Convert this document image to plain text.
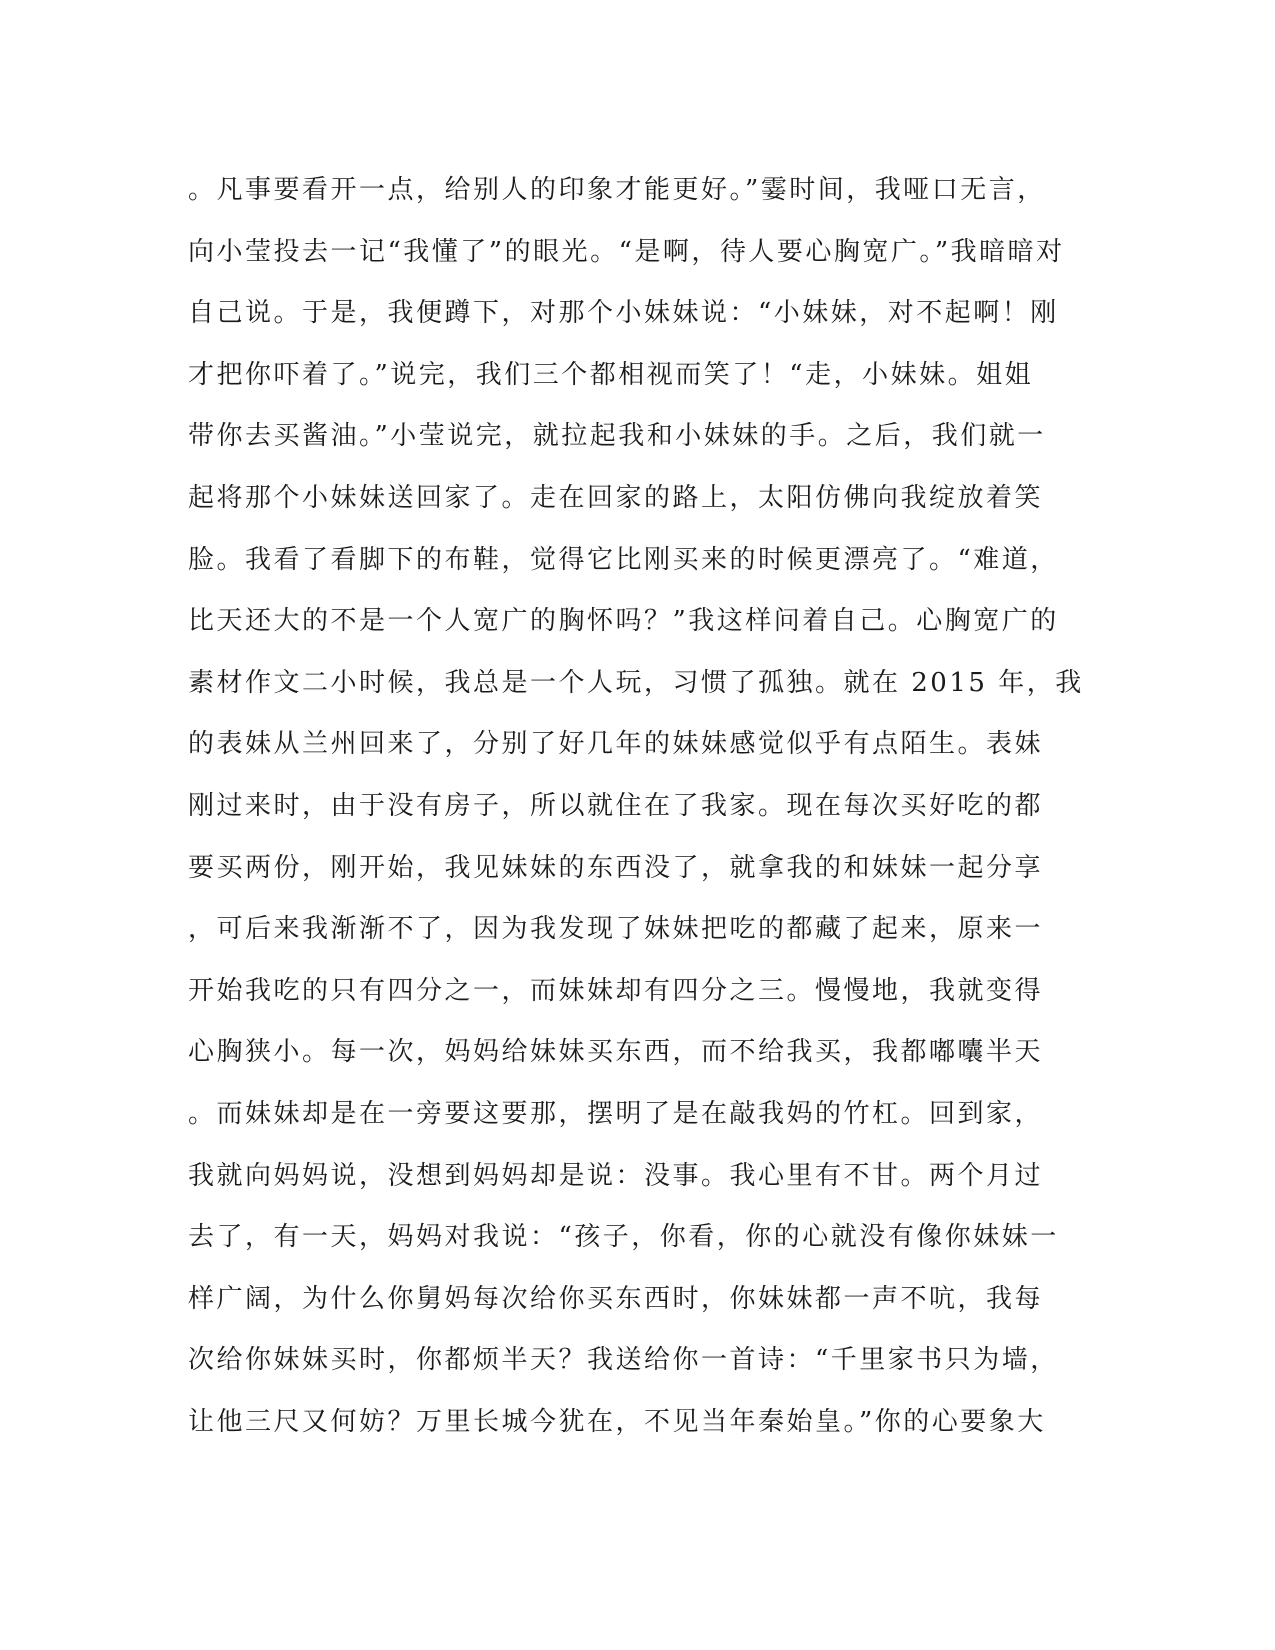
。凡事要看开一点，给别人的印象才能更好。”霎时间，我哑口无言，
向小莹投去一记“我懂了”的眼光。“是啊，待人要心胸宽广。”我暗暗对
自己说。于是，我便蹲下，对那个小妹妹说：“小妹妹，对不起啊！刚
才把你吓着了。”说完，我们三个都相视而笑了！“走，小妹妹。姐姐
带你去买酱油。”小莹说完，就拉起我和小妹妹的手。之后，我们就一
起将那个小妹妹送回家了。走在回家的路上，太阳仿佛向我绽放着笑
脸。我看了看脚下的布鞋，觉得它比刚买来的时候更漂亮了。“难道，
比天还大的不是一个人宽广的胸怀吗？”我这样问着自己。心胸宽广的
素材作文二小时候，我总是一个人玩，习惯了孤独。就在 2015 年，我
的表妹从兰州回来了，分别了好几年的妹妹感觉似乎有点陌生。表妹
刚过来时，由于没有房子，所以就住在了我家。现在每次买好吃的都
要买两份，刚开始，我见妹妹的东西没了，就拿我的和妹妹一起分享
，可后来我渐渐不了，因为我发现了妹妹把吃的都藏了起来，原来一
开始我吃的只有四分之一，而妹妹却有四分之三。慢慢地，我就变得
心胸狭小。每一次，妈妈给妹妹买东西，而不给我买，我都嘟囔半天
。而妹妹却是在一旁要这要那，摆明了是在敲我妈的竹杠。回到家，
我就向妈妈说，没想到妈妈却是说：没事。我心里有不甘。两个月过
去了，有一天，妈妈对我说：“孩子，你看，你的心就没有像你妹妹一
样广阔，为什么你舅妈每次给你买东西时，你妹妹都一声不吭，我每
次给你妹妹买时，你都烦半天？我送给你一首诗：“千里家书只为墙，
让他三尺又何妨？万里长城今犹在，不见当年秦始皇。”你的心要象大
